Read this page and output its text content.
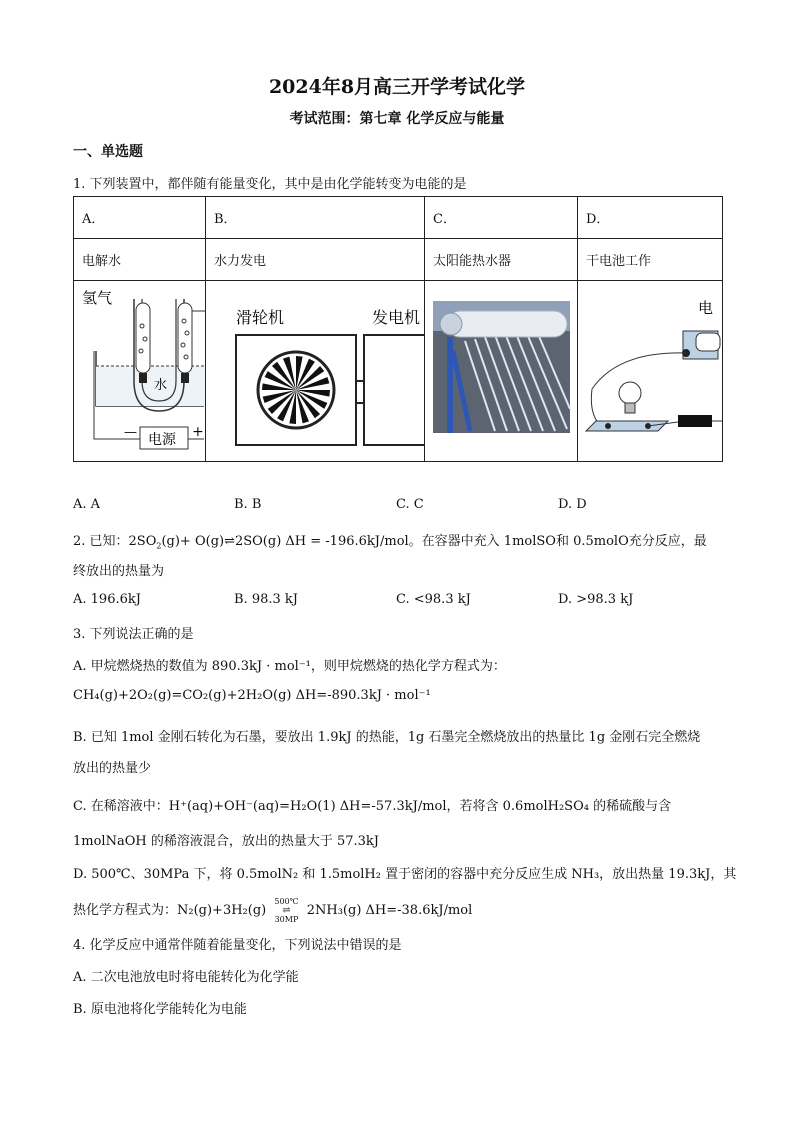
2024年8月高三开学考试化学
考试范围：第七章 化学反应与能量
一、单选题
1. 下列装置中，都伴随有能量变化，其中是由化学能转变为电能的是
A．	B．	C．	D．
电解水	水力发电	太阳能热水器	干电池工作

氢气
水
电源
— +	滑轮机 发电机		电
A. A	B. B	C. C	D. D
2. 已知：$2SO_2(g)+$ O(g)⇌2SO(g) ΔH = -196.6kJ/mol。在容器中充入 1molSO和 0.5molO充分反应，最
终放出的热量为
A. 196.6kJ	B. 98.3 kJ	C. <98.3 kJ	D. >98.3 kJ
3. 下列说法正确的是
A. 甲烷燃烧热的数值为 890.3kJ · mol⁻¹，则甲烷燃烧的热化学方程式为：
CH₄(g)+2O₂(g)=CO₂(g)+2H₂O(g) ΔH=-890.3kJ · mol⁻¹
B. 已知 1mol 金刚石转化为石墨，要放出 1.9kJ 的热能，1g 石墨完全燃烧放出的热量比 1g 金刚石完全燃烧
放出的热量少
C. 在稀溶液中：H⁺(aq)+OH⁻(aq)=H₂O(1) ΔH=-57.3kJ/mol，若将含 0.6molH₂SO₄ 的稀硫酸与含
1molNaOH 的稀溶液混合，放出的热量大于 57.3kJ
D. 500℃、30MPa 下，将 0.5molN₂ 和 1.5molH₂ 置于密闭的容器中充分反应生成 NH₃，放出热量 19.3kJ，其
热化学方程式为：N₂(g)+3H₂(g) 500℃
⇌
30MP 2NH₃(g) ΔH=-38.6kJ/mol
4. 化学反应中通常伴随着能量变化，下列说法中错误的是
A. 二次电池放电时将电能转化为化学能
B. 原电池将化学能转化为电能
